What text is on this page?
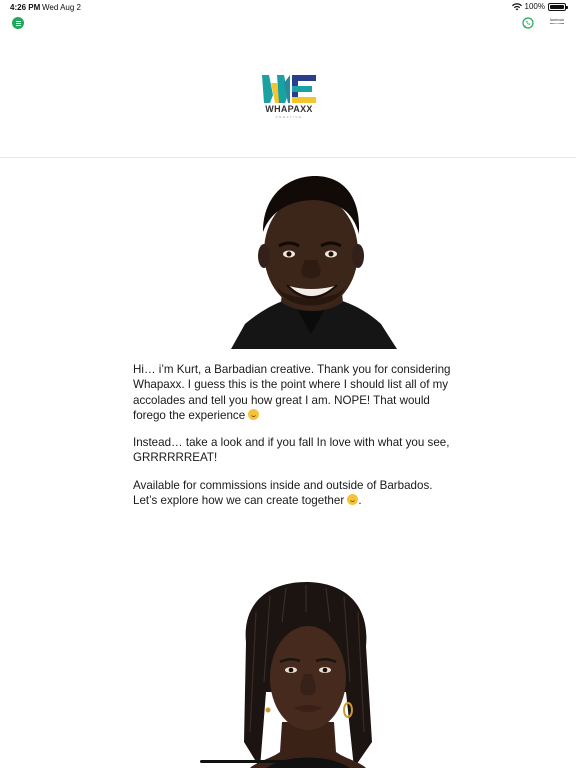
4:26 PM Wed Aug 2	100%
facebook
WHAPAXX
CREATIVE

Hi… i’m Kurt, a Barbadian creative. Thank you for considering Whapaxx. I guess this is the point where I should list all of my accolades and tell you how great I am. NOPE! That would forego the experience

Instead… take a look and if you fall In love with what you see, GRRRRRREAT!

Available for commissions inside and outside of Barbados. Let’s explore how we can create together .
